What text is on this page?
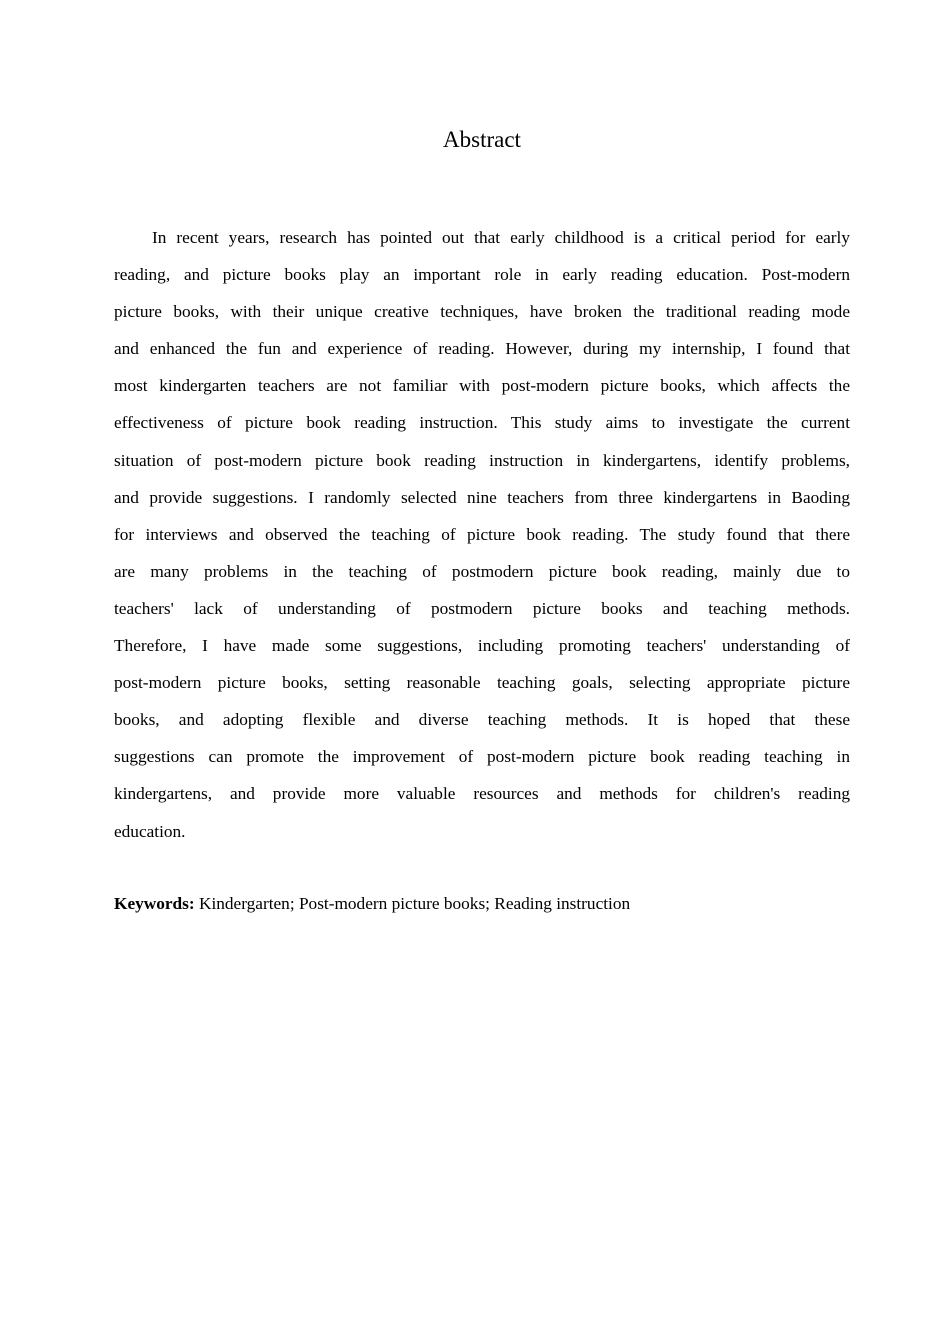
Abstract
In recent years, research has pointed out that early childhood is a critical period for early
reading, and picture books play an important role in early reading education. Post-modern
picture books, with their unique creative techniques, have broken the traditional reading mode
and enhanced the fun and experience of reading. However, during my internship, I found that
most kindergarten teachers are not familiar with post-modern picture books, which affects the
effectiveness of picture book reading instruction. This study aims to investigate the current
situation of post-modern picture book reading instruction in kindergartens, identify problems,
and provide suggestions. I randomly selected nine teachers from three kindergartens in Baoding
for interviews and observed the teaching of picture book reading. The study found that there
are many problems in the teaching of postmodern picture book reading, mainly due to
teachers' lack of understanding of postmodern picture books and teaching methods.
Therefore, I have made some suggestions, including promoting teachers' understanding of
post-modern picture books, setting reasonable teaching goals, selecting appropriate picture
books, and adopting flexible and diverse teaching methods. It is hoped that these
suggestions can promote the improvement of post-modern picture book reading teaching in
kindergartens, and provide more valuable resources and methods for children's reading
education.

Keywords: Kindergarten; Post-modern picture books; Reading instruction
